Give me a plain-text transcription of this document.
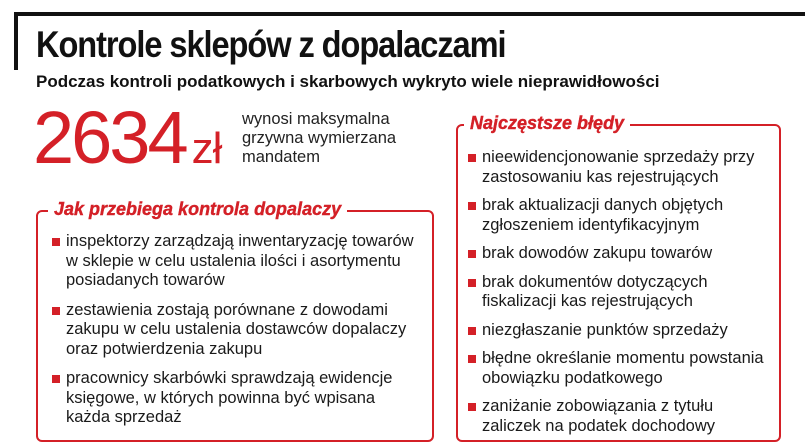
Kontrole sklepów z dopalaczami
Podczas kontroli podatkowych i skarbowych wykryto wiele nieprawidłowości
2634 zł
wynosi maksymalna grzywna wymierzana mandatem
Jak przebiega kontrola dopalaczy
inspektorzy zarządzają inwentaryzację towarów w sklepie w celu ustalenia ilości i asortymentu posiadanych towarów
zestawienia zostają porównane z dowodami zakupu w celu ustalenia dostawców dopalaczy oraz potwierdzenia zakupu
pracownicy skarbówki sprawdzają ewidencje księgowe, w których powinna być wpisana każda sprzedaż
Najczęstsze błędy
nieewidencjonowanie sprzedaży przy zastosowaniu kas rejestrujących
brak aktualizacji danych objętych zgłoszeniem identyfikacyjnym
brak dowodów zakupu towarów
brak dokumentów dotyczących fiskalizacji kas rejestrujących
niezgłaszanie punktów sprzedaży
błędne określanie momentu powstania obowiązku podatkowego
zaniżanie zobowiązania z tytułu zaliczek na podatek dochodowy
